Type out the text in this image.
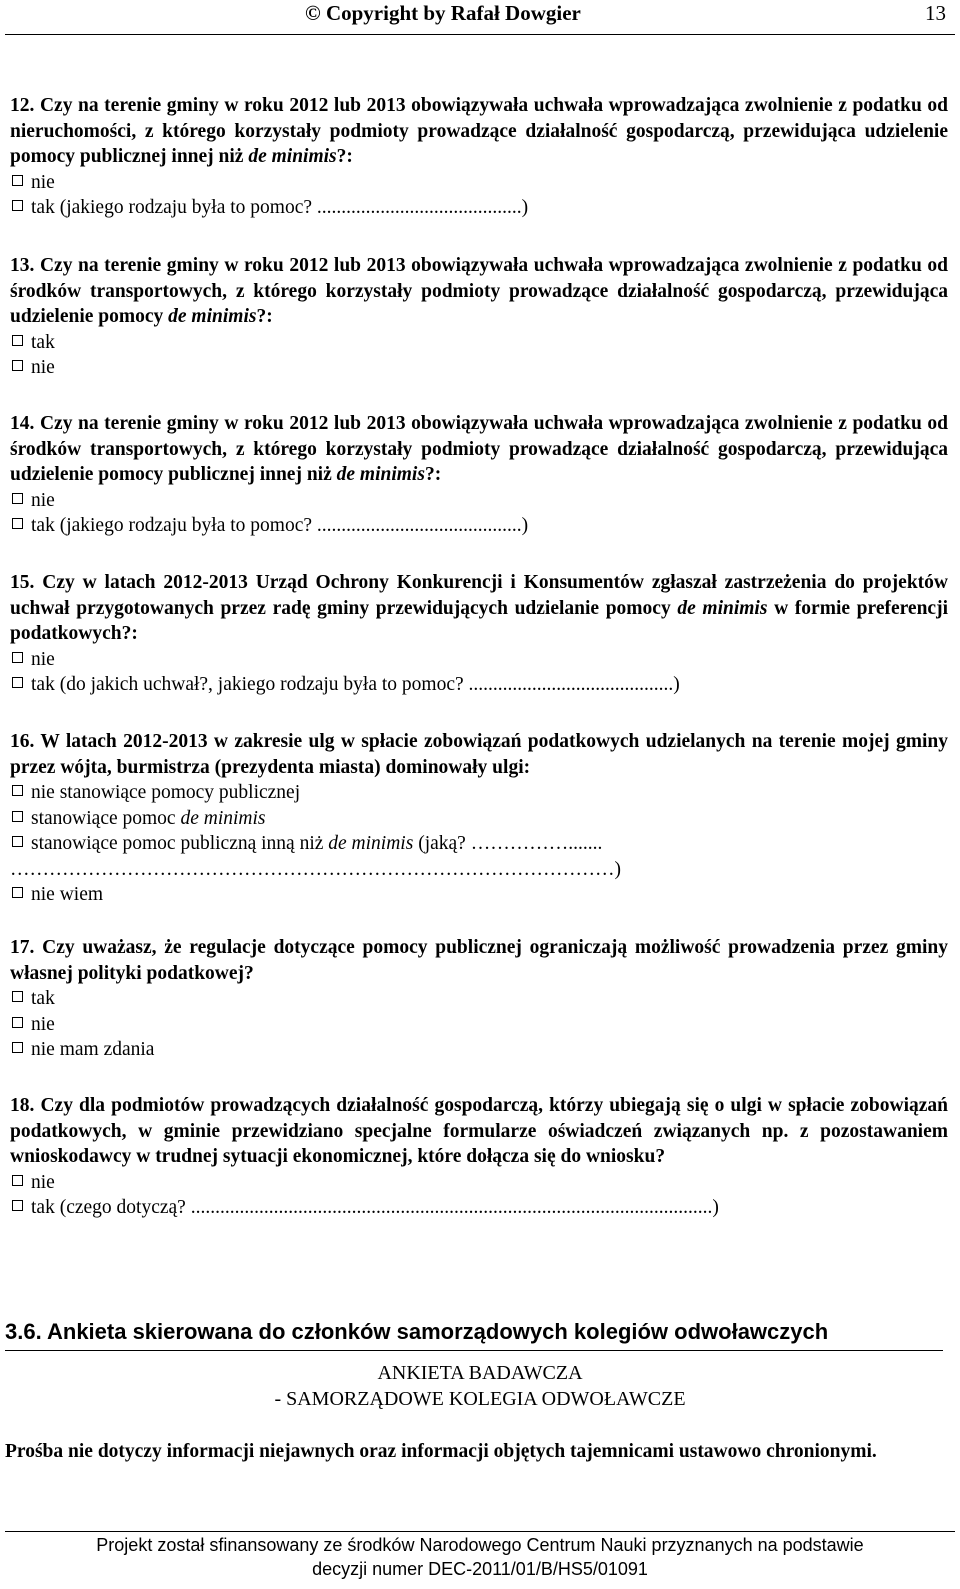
© Copyright by Rafał Dowgier	13
12. Czy na terenie gminy w roku 2012 lub 2013 obowiązywała uchwała wprowadzająca zwolnienie z podatku od nieruchomości, z którego korzystały podmioty prowadzące działalność gospodarczą, przewidująca udzielenie pomocy publicznej innej niż de minimis?:
nie
tak (jakiego rodzaju była to pomoc? ..........................................)
13. Czy na terenie gminy w roku 2012 lub 2013 obowiązywała uchwała wprowadzająca zwolnienie z podatku od środków transportowych, z którego korzystały podmioty prowadzące działalność gospodarczą, przewidująca udzielenie pomocy de minimis?:
tak
nie
14. Czy na terenie gminy w roku 2012 lub 2013 obowiązywała uchwała wprowadzająca zwolnienie z podatku od środków transportowych, z którego korzystały podmioty prowadzące działalność gospodarczą, przewidująca udzielenie pomocy publicznej innej niż de minimis?:
nie
tak (jakiego rodzaju była to pomoc? ..........................................)
15. Czy w latach 2012-2013 Urząd Ochrony Konkurencji i Konsumentów zgłaszał zastrzeżenia do projektów uchwał przygotowanych przez radę gminy przewidujących udzielanie pomocy de minimis w formie preferencji podatkowych?:
nie
tak (do jakich uchwał?, jakiego rodzaju była to pomoc? ..........................................)
16. W latach 2012-2013 w zakresie ulg w spłacie zobowiązań podatkowych udzielanych na terenie mojej gminy przez wójta, burmistrza (prezydenta miasta) dominowały ulgi:
nie stanowiące pomocy publicznej
stanowiące pomoc de minimis
stanowiące pomoc publiczną inną niż de minimis (jaką? …………….......
…………………………………………………………………………………)
nie wiem
17. Czy uważasz, że regulacje dotyczące pomocy publicznej ograniczają możliwość prowadzenia przez gminy własnej polityki podatkowej?
tak
nie
nie mam zdania
18. Czy dla podmiotów prowadzących działalność gospodarczą, którzy ubiegają się o ulgi w spłacie zobowiązań podatkowych, w gminie przewidziano specjalne formularze oświadczeń związanych np. z pozostawaniem wnioskodawcy w trudnej sytuacji ekonomicznej, które dołącza się do wniosku?
nie
tak (czego dotyczą? ...........................................................................................................)
3.6. Ankieta skierowana do członków samorządowych kolegiów odwoławczych
ANKIETA BADAWCZA
- SAMORZĄDOWE KOLEGIA ODWOŁAWCZE
Prośba nie dotyczy informacji niejawnych oraz informacji objętych tajemnicami ustawowo chronionymi.
Projekt został sfinansowany ze środków Narodowego Centrum Nauki przyznanych na podstawie
decyzji numer DEC-2011/01/B/HS5/01091
